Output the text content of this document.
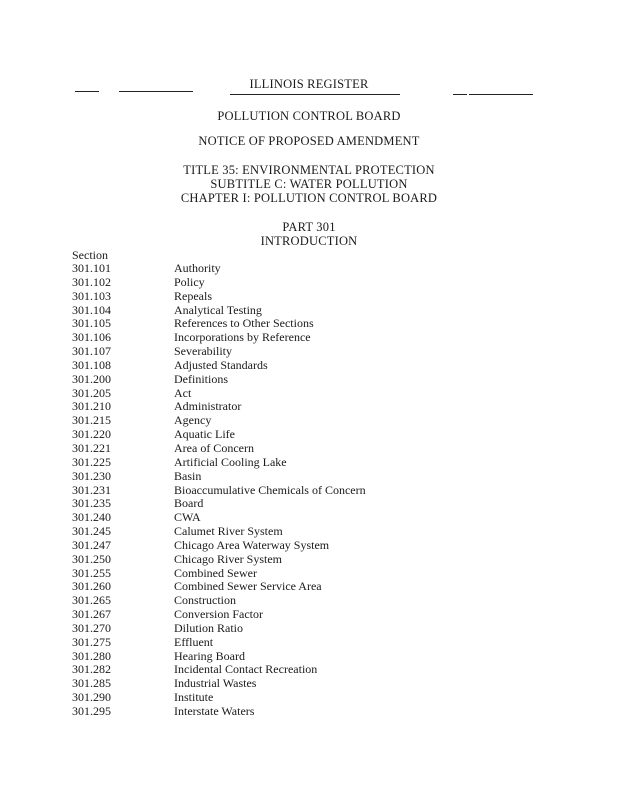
ILLINOIS REGISTER
POLLUTION CONTROL BOARD
NOTICE OF PROPOSED AMENDMENT
TITLE 35: ENVIRONMENTAL PROTECTION
SUBTITLE C: WATER POLLUTION
CHAPTER I: POLLUTION CONTROL BOARD
PART 301
INTRODUCTION
Section
301.101	Authority
301.102	Policy
301.103	Repeals
301.104	Analytical Testing
301.105	References to Other Sections
301.106	Incorporations by Reference
301.107	Severability
301.108	Adjusted Standards
301.200	Definitions
301.205	Act
301.210	Administrator
301.215	Agency
301.220	Aquatic Life
301.221	Area of Concern
301.225	Artificial Cooling Lake
301.230	Basin
301.231	Bioaccumulative Chemicals of Concern
301.235	Board
301.240	CWA
301.245	Calumet River System
301.247	Chicago Area Waterway System
301.250	Chicago River System
301.255	Combined Sewer
301.260	Combined Sewer Service Area
301.265	Construction
301.267	Conversion Factor
301.270	Dilution Ratio
301.275	Effluent
301.280	Hearing Board
301.282	Incidental Contact Recreation
301.285	Industrial Wastes
301.290	Institute
301.295	Interstate Waters
